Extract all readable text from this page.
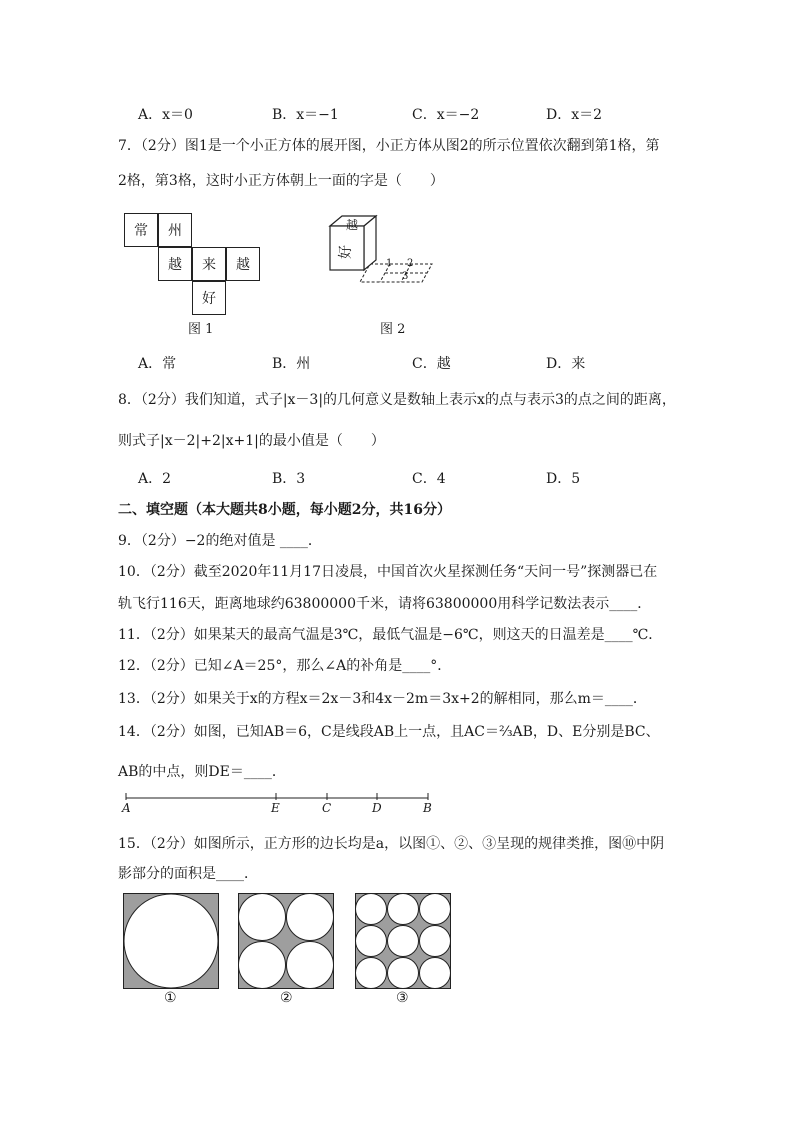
A．x＝0	B．x＝−1	C．x＝−2	D．x＝2
7．（2分）图1是一个小正方体的展开图，小正方体从图2的所示位置依次翻到第1格，第
2格，第3格，这时小正方体朝上一面的字是（　　）
常	州
越	来	越
好
图 1
越
好
1 2
3
图 2
A．常	B．州	C．越	D．来
8．（2分）我们知道，式子|x－3|的几何意义是数轴上表示x的点与表示3的点之间的距离，
则式子|x－2|+2|x+1|的最小值是（　　）
A．2	B．3	C．4	D．5
二、填空题（本大题共8小题，每小题2分，共16分）
9．（2分）−2的绝对值是 ____．
10．（2分）截至2020年11月17日凌晨，中国首次火星探测任务“天问一号”探测器已在
轨飞行116天，距离地球约63800000千米，请将63800000用科学记数法表示____．
11．（2分）如果某天的最高气温是3℃，最低气温是−6℃，则这天的日温差是____℃．
12．（2分）已知∠A＝25°，那么∠A的补角是____°．
13．（2分）如果关于x的方程x＝2x－3和4x－2m＝3x+2的解相同，那么m＝____．
14．（2分）如图，已知AB＝6，C是线段AB上一点，且AC＝⅔AB，D、E分别是BC、
AB的中点，则DE＝____．
A	E	C	D	B
15．（2分）如图所示，正方形的边长均是a，以图①、②、③呈现的规律类推，图⑩中阴
影部分的面积是____．
①	②	③
